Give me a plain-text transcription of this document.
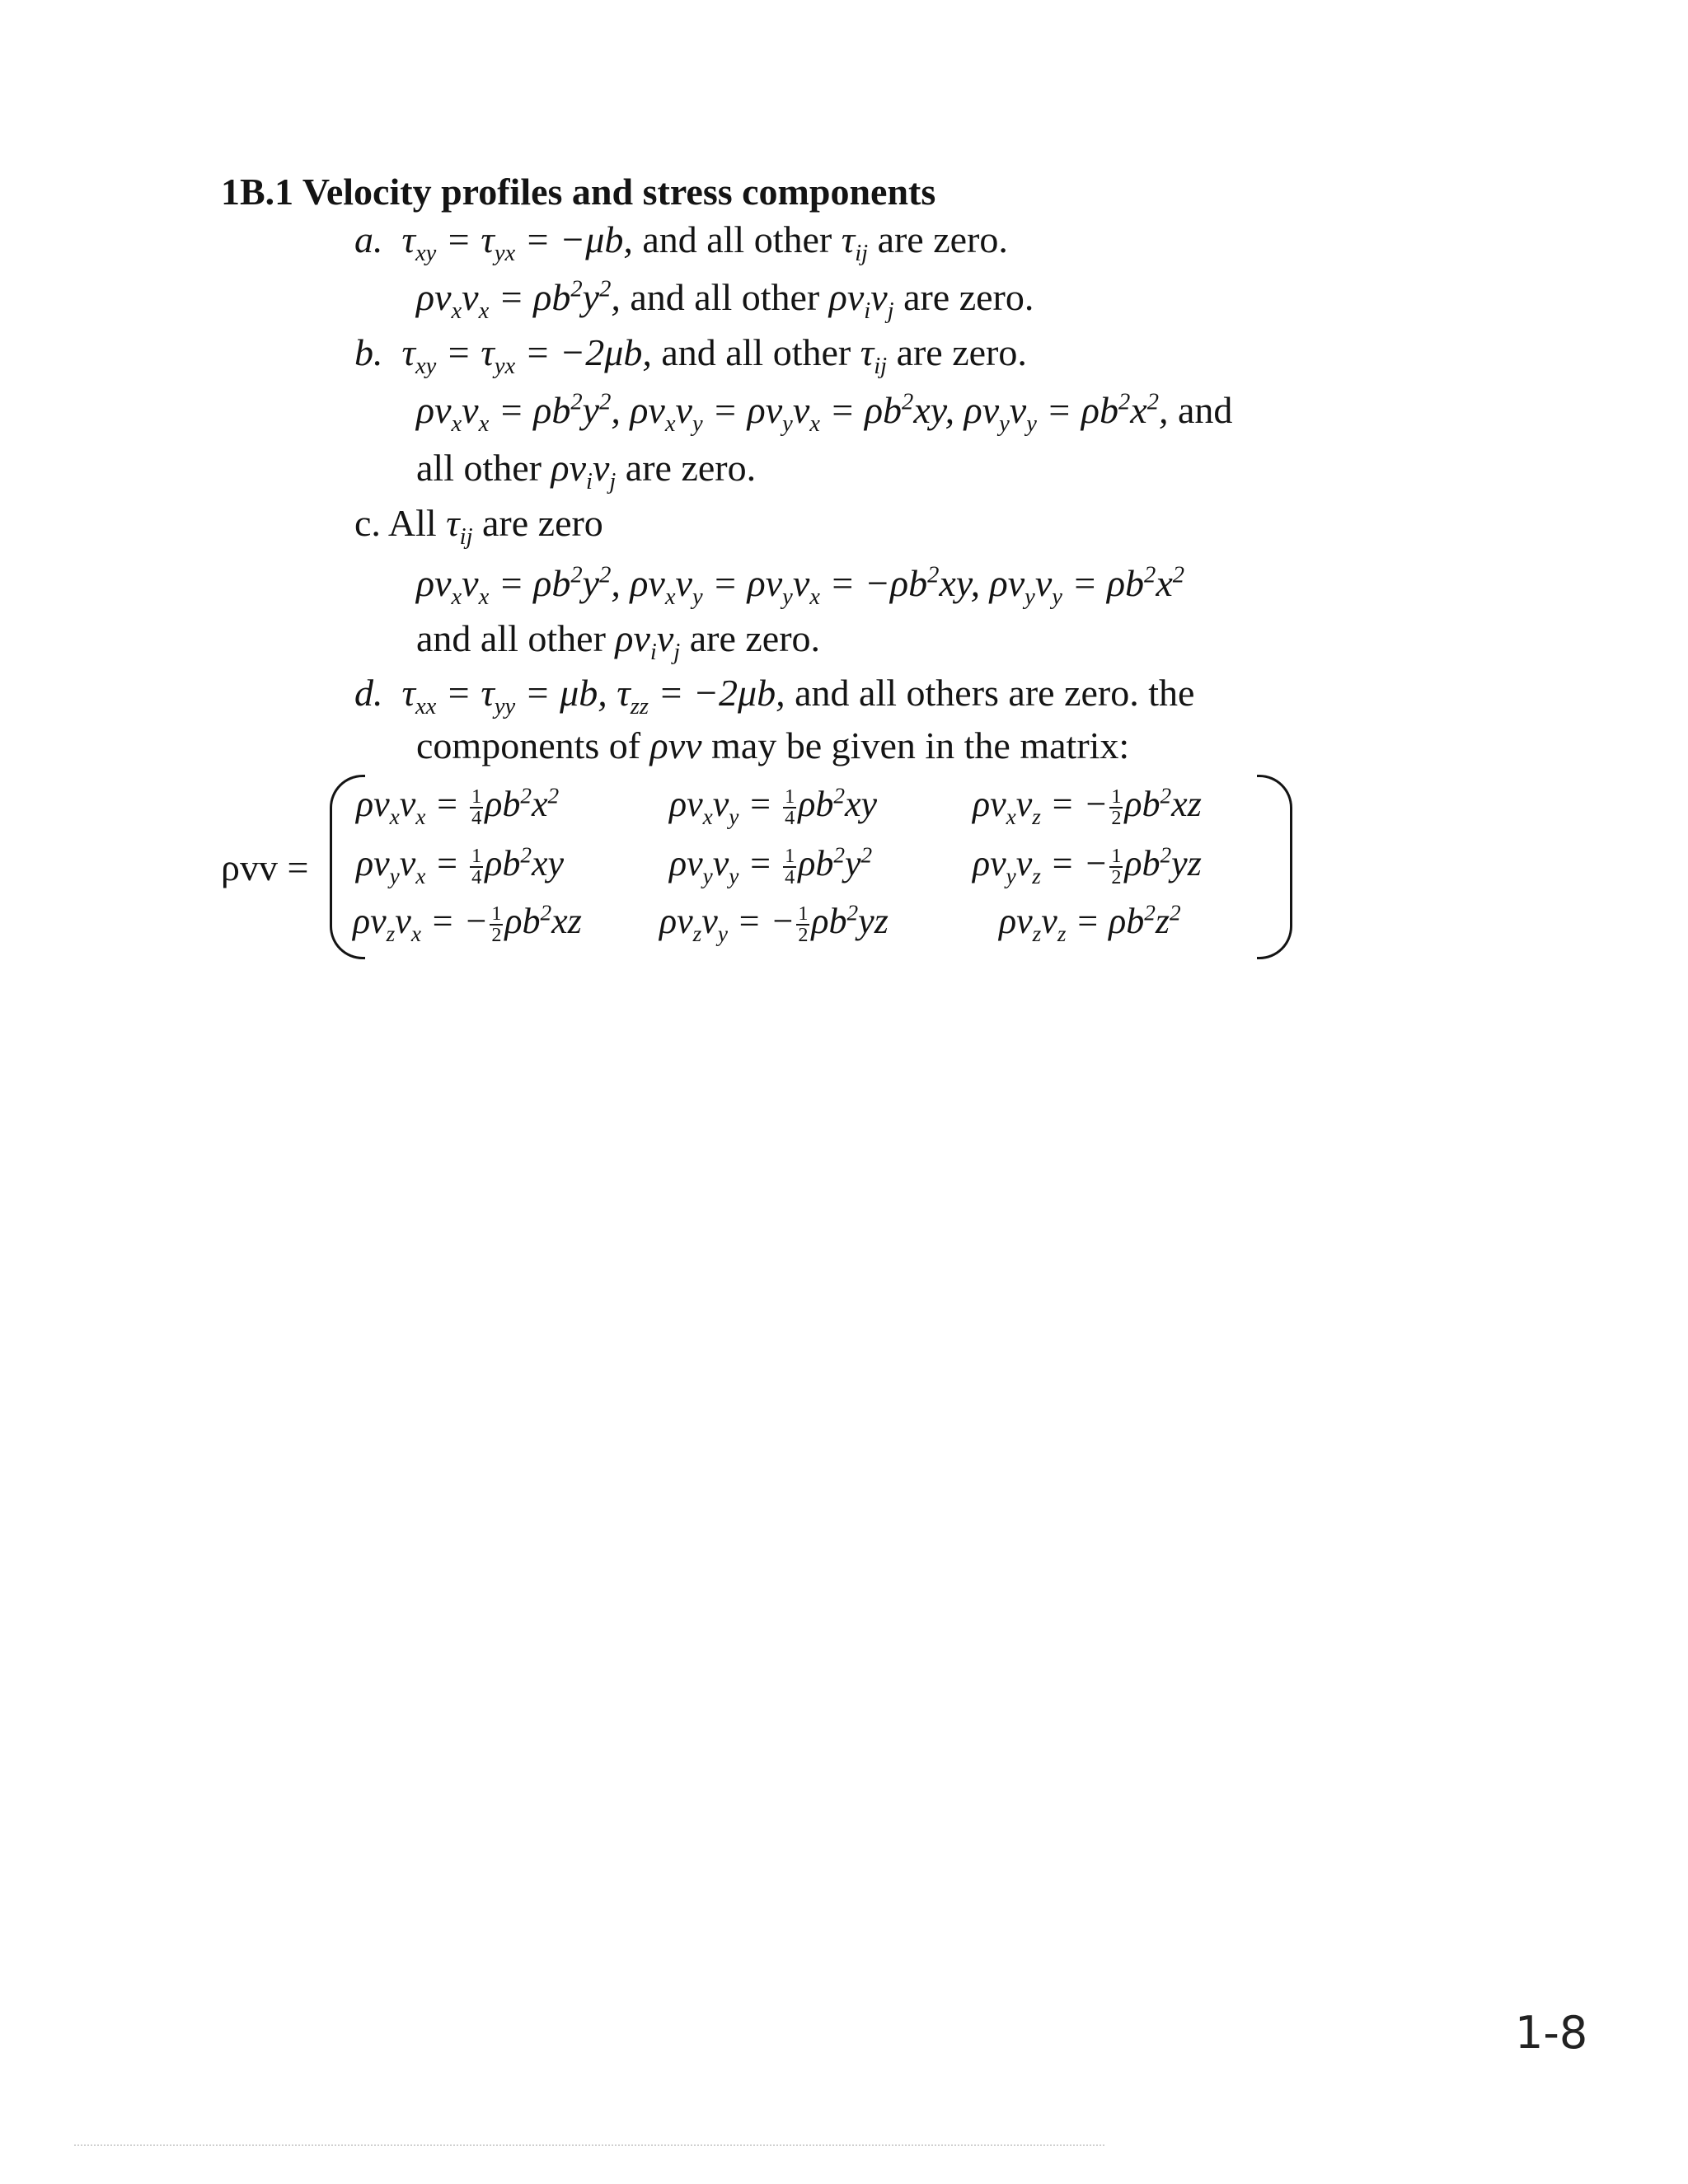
1B.1 Velocity profiles and stress components
a.  $\tau_{xy} = \tau_{yx} = -\mu b$, and all other $\tau_{ij}$ are zero.
$\rho v_xv_x = \rho b^2y^2$, and all other $\rho v_iv_j$ are zero.
b.  $\tau_{xy} = \tau_{yx} = -2\mu b$, and all other $\tau_{ij}$ are zero.
$\rho v_xv_x = \rho b^2y^2$, $\rho v_xv_y = \rho v_yv_x = \rho b^2xy$, $\rho v_yv_y = \rho b^2x^2$, and
all other $\rho v_iv_j$ are zero.
c. All $\tau_{ij}$ are zero
$\rho v_xv_x = \rho b^2y^2$, $\rho v_xv_y = \rho v_yv_x = -\rho b^2xy$, $\rho v_yv_y = \rho b^2x^2$
and all other $\rho v_iv_j$ are zero.
d.  $\tau_{xx} = \tau_{yy} = \mu b$, $\tau_{zz} = -2\mu b$, and all others are zero. the
components of ρvv may be given in the matrix:
ρvv =
$\rho v_xv_x = \frac{1}{4} \rho b^2x^2$	$\rho v_xv_y = \frac{1}{4} \rho b^2xy$	$\rho v_xv_z$ = − $\frac{1}{2} \rho b^2xz$
$\rho v_yv_x = \frac{1}{4} \rho b^2xy$	$\rho v_yv_y = \frac{1}{4} \rho b^2y^2$	$\rho v_yv_z$ = − $\frac{1}{2} \rho b^2yz$
$\rho v_zv_x$ = − $\frac{1}{2} \rho b^2xz$ $\rho v_zv_y$ = − $\frac{1}{2} \rho b^2yz$	$\rho v_zv_z = \rho b^2z^2$
1-8
